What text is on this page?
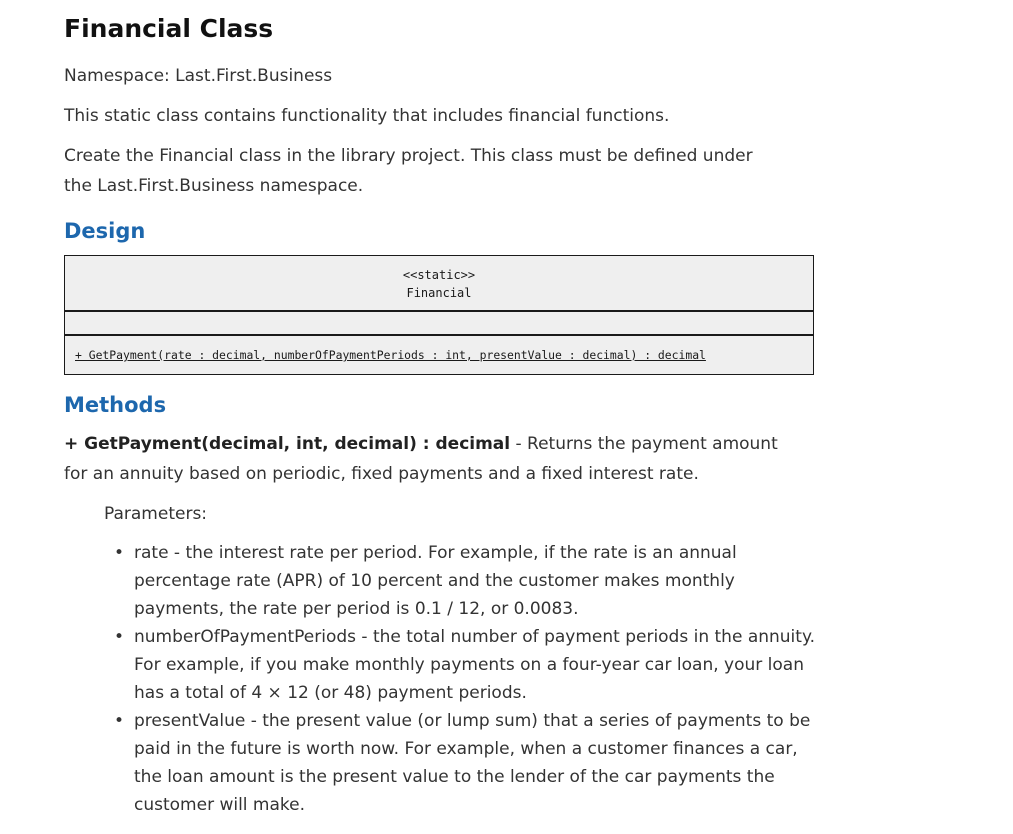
Financial Class

Namespace: Last.First.Business

This static class contains functionality that includes financial functions.

Create the Financial class in the library project. This class must be defined under the Last.First.Business namespace.

Design
<<static>>
Financial
+ GetPayment(rate : decimal, numberOfPaymentPeriods : int, presentValue : decimal) : decimal
Methods

+ GetPayment(decimal, int, decimal) : decimal - Returns the payment amount for an annuity based on periodic, fixed payments and a fixed interest rate.

Parameters:

• rate - the interest rate per period. For example, if the rate is an annual percentage rate (APR) of 10 percent and the customer makes monthly payments, the rate per period is 0.1 / 12, or 0.0083.
• numberOfPaymentPeriods - the total number of payment periods in the annuity. For example, if you make monthly payments on a four-year car loan, your loan has a total of 4 × 12 (or 48) payment periods.
• presentValue - the present value (or lump sum) that a series of payments to be paid in the future is worth now. For example, when a customer finances a car, the loan amount is the present value to the lender of the car payments the customer will make.
